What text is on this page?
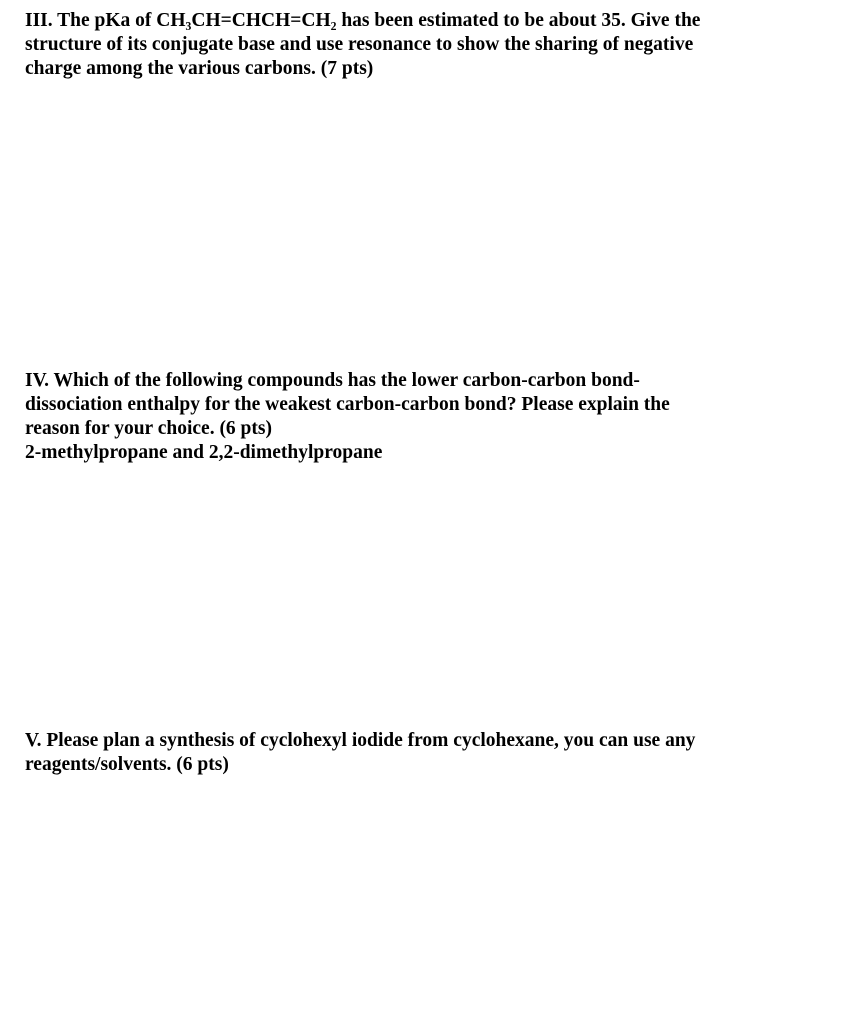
III. The pKa of CH₃CH=CHCH=CH₂ has been estimated to be about 35. Give the

structure of its conjugate base and use resonance to show the sharing of negative

charge among the various carbons. (7 pts)

IV. Which of the following compounds has the lower carbon-carbon bond-

dissociation enthalpy for the weakest carbon-carbon bond? Please explain the

reason for your choice. (6 pts)

2-methylpropane and 2,2-dimethylpropane

V. Please plan a synthesis of cyclohexyl iodide from cyclohexane, you can use any

reagents/solvents. (6 pts)
